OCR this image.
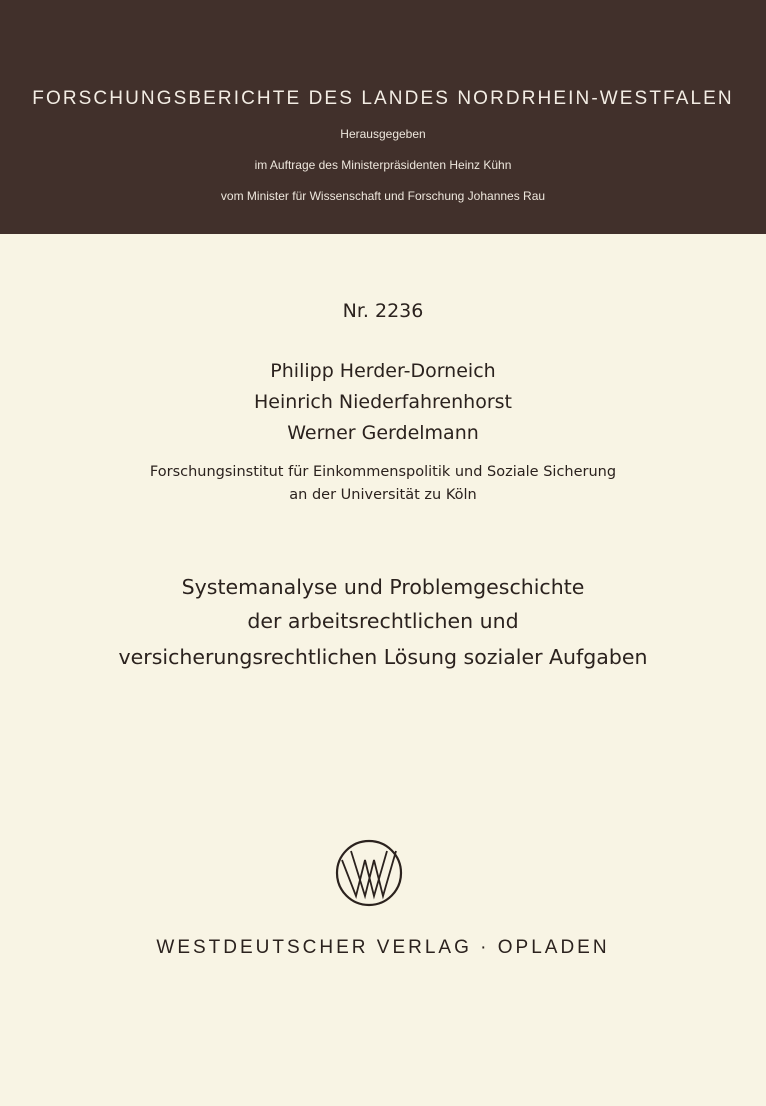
FORSCHUNGSBERICHTE DES LANDES NORDRHEIN-WESTFALEN
Herausgegeben
im Auftrage des Ministerpräsidenten Heinz Kühn
vom Minister für Wissenschaft und Forschung Johannes Rau
Nr. 2236
Philipp Herder-Dorneich
Heinrich Niederfahrenhorst
Werner Gerdelmann
Forschungsinstitut für Einkommenspolitik und Soziale Sicherung
an der Universität zu Köln
Systemanalyse und Problemgeschichte
der arbeitsrechtlichen und
versicherungsrechtlichen Lösung sozialer Aufgaben
WESTDEUTSCHER VERLAG · OPLADEN
